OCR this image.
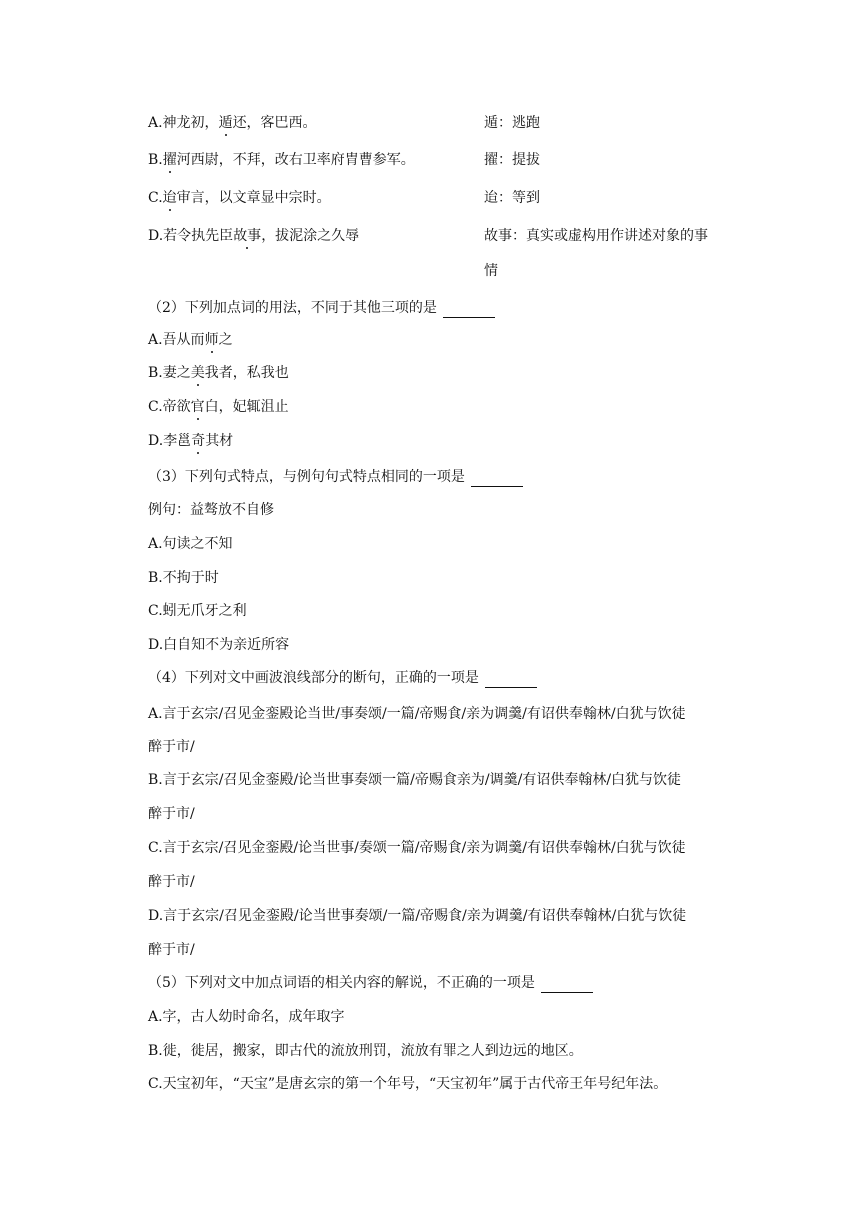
A.神龙初，遁还，客巴西。	遁：逃跑
B.擢河西尉，不拜，改右卫率府胄曹参军。	擢：提拔
C.迨审言，以文章显中宗时。	迨：等到
D.若令执先臣故事，拔泥涂之久辱	故事：真实或虚构用作讲述对象的事
情
（2）下列加点词的用法，不同于其他三项的是
A.吾从而师之
B.妻之美我者，私我也
C.帝欲官白，妃辄沮止
D.李邕奇其材
（3）下列句式特点，与例句句式特点相同的一项是
例句：益骜放不自修
A.句读之不知
B.不拘于时
C.蚓无爪牙之利
D.白自知不为亲近所容
（4）下列对文中画波浪线部分的断句，正确的一项是
A.言于玄宗/召见金銮殿论当世/事奏颂/一篇/帝赐食/亲为调羹/有诏供奉翰林/白犹与饮徒
醉于市/
B.言于玄宗/召见金銮殿/论当世事奏颂一篇/帝赐食亲为/调羹/有诏供奉翰林/白犹与饮徒
醉于市/
C.言于玄宗/召见金銮殿/论当世事/奏颂一篇/帝赐食/亲为调羹/有诏供奉翰林/白犹与饮徒
醉于市/
D.言于玄宗/召见金銮殿/论当世事奏颂/一篇/帝赐食/亲为调羹/有诏供奉翰林/白犹与饮徒
醉于市/
（5）下列对文中加点词语的相关内容的解说，不正确的一项是
A.字，古人幼时命名，成年取字
B.徙，徙居，搬家，即古代的流放刑罚，流放有罪之人到边远的地区。
C.天宝初年，“天宝”是唐玄宗的第一个年号，“天宝初年”属于古代帝王年号纪年法。
